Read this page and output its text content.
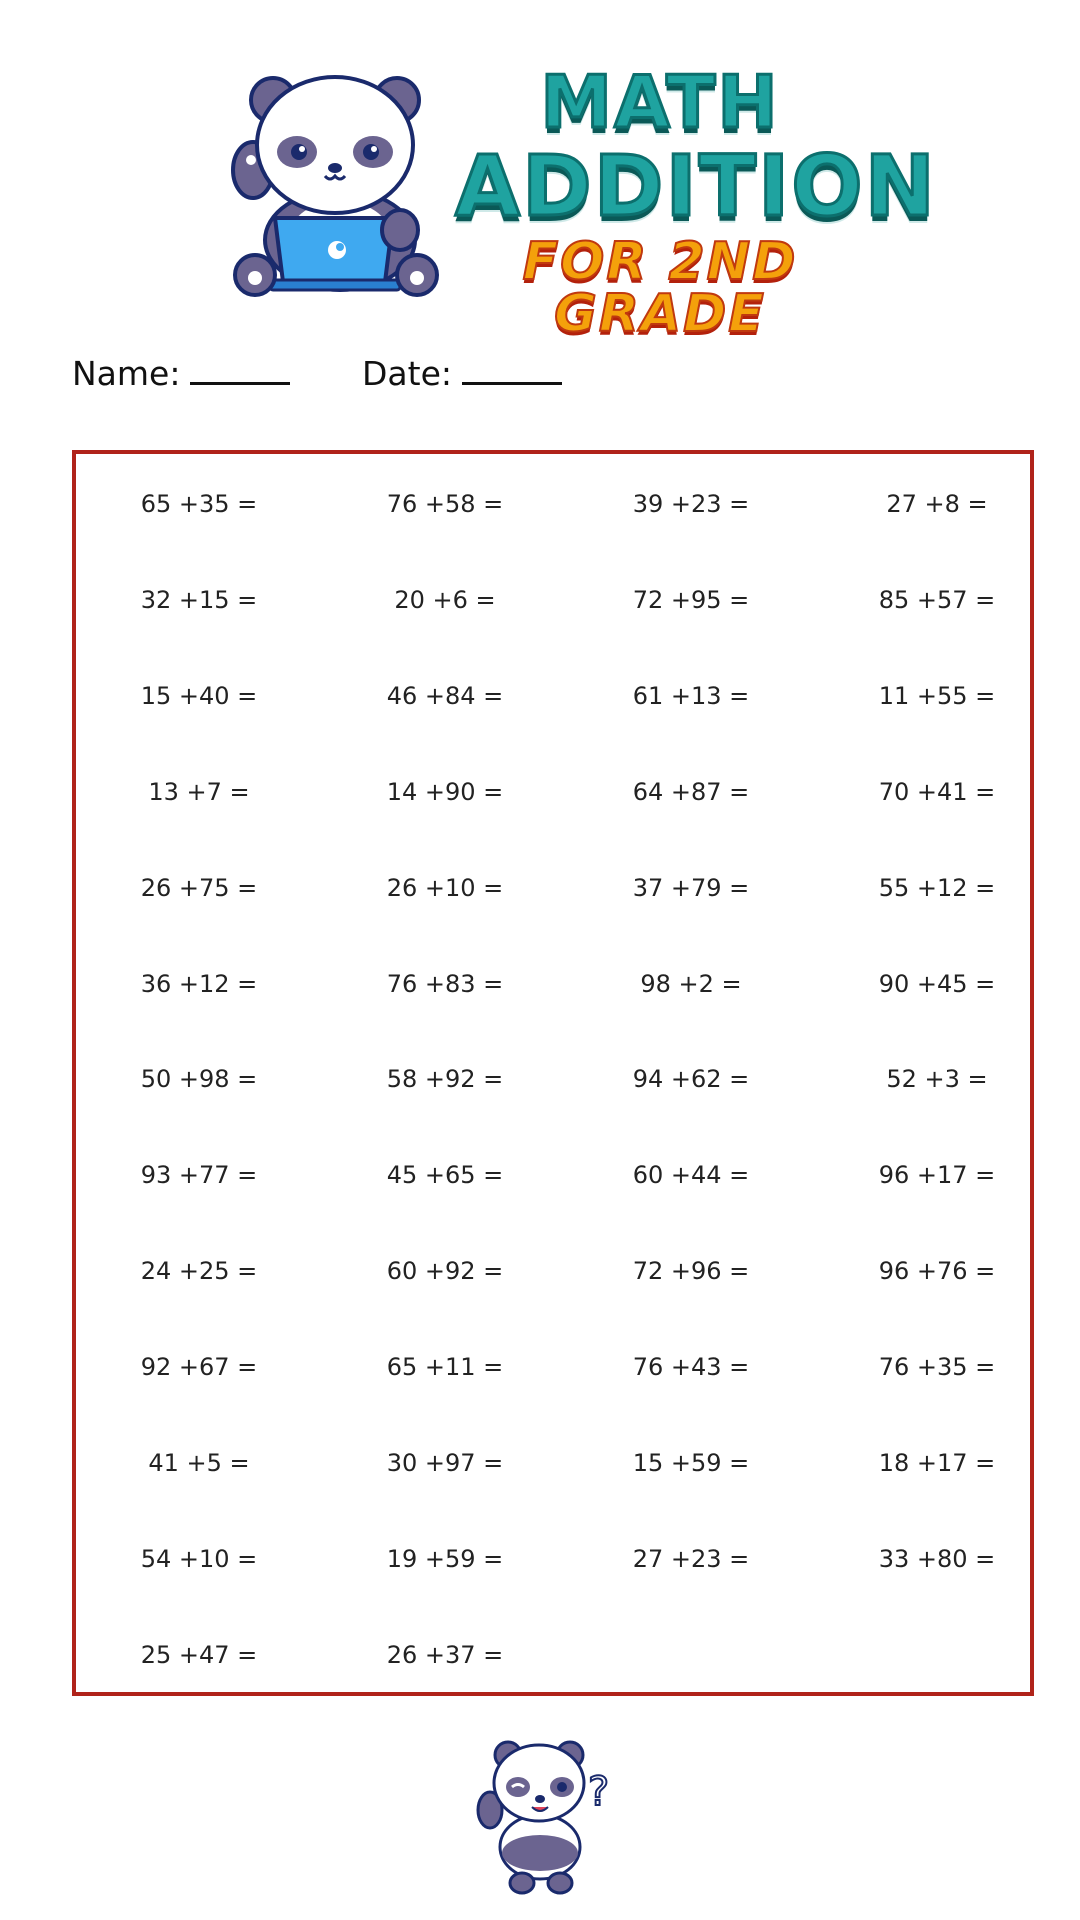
MATH
ADDITION
FOR 2ND GRADE
Name:	Date:
65 +35 =	76 +58 =	39 +23 =	27 +8 =
32 +15 =	20 +6 =	72 +95 =	85 +57 =
15 +40 =	46 +84 =	61 +13 =	11 +55 =
13 +7 =	14 +90 =	64 +87 =	70 +41 =
26 +75 =	26 +10 =	37 +79 =	55 +12 =
36 +12 =	76 +83 =	98 +2 =	90 +45 =
50 +98 =	58 +92 =	94 +62 =	52 +3 =
93 +77 =	45 +65 =	60 +44 =	96 +17 =
24 +25 =	60 +92 =	72 +96 =	96 +76 =
92 +67 =	65 +11 =	76 +43 =	76 +35 =
41 +5 =	30 +97 =	15 +59 =	18 +17 =
54 +10 =	19 +59 =	27 +23 =	33 +80 =
25 +47 =	26 +37 =
?
